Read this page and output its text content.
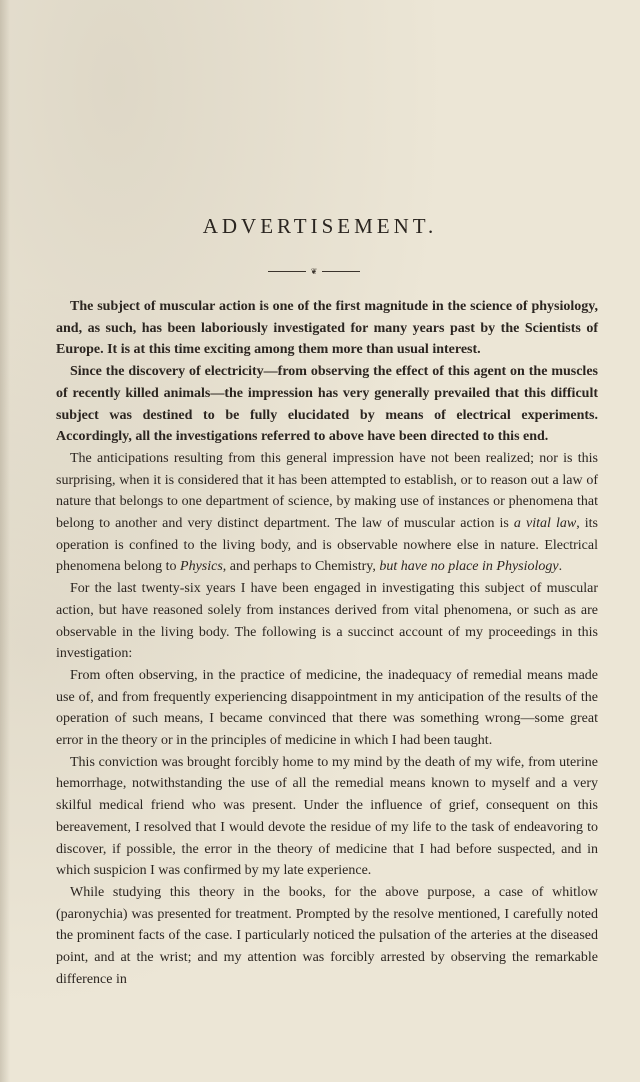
ADVERTISEMENT.
❦

The subject of muscular action is one of the first magnitude in the science of physiology, and, as such, has been laboriously investigated for many years past by the Scientists of Europe. It is at this time exciting among them more than usual interest.

Since the discovery of electricity—from observing the effect of this agent on the muscles of recently killed animals—the impression has very generally prevailed that this difficult subject was destined to be fully elucidated by means of electrical experiments. Accordingly, all the investigations referred to above have been directed to this end.

The anticipations resulting from this general impression have not been realized; nor is this surprising, when it is considered that it has been attempted to establish, or to reason out a law of nature that belongs to one department of science, by making use of instances or phenomena that belong to another and very distinct department. The law of muscular action is a vital law, its operation is confined to the living body, and is observable nowhere else in nature. Electrical phenomena belong to Physics, and perhaps to Chemistry, but have no place in Physiology.

For the last twenty-six years I have been engaged in investigating this subject of muscular action, but have reasoned solely from instances derived from vital phenomena, or such as are observable in the living body. The following is a succinct account of my proceedings in this investigation:

From often observing, in the practice of medicine, the inadequacy of remedial means made use of, and from frequently experiencing disappointment in my anticipation of the results of the operation of such means, I became convinced that there was something wrong—some great error in the theory or in the principles of medicine in which I had been taught.

This conviction was brought forcibly home to my mind by the death of my wife, from uterine hemorrhage, notwithstanding the use of all the remedial means known to myself and a very skilful medical friend who was present. Under the influence of grief, consequent on this bereavement, I resolved that I would devote the residue of my life to the task of endeavoring to discover, if possible, the error in the theory of medicine that I had before suspected, and in which suspicion I was confirmed by my late experience.

While studying this theory in the books, for the above purpose, a case of whitlow (paronychia) was presented for treatment. Prompted by the resolve mentioned, I carefully noted the prominent facts of the case. I particularly noticed the pulsation of the arteries at the diseased point, and at the wrist; and my attention was forcibly arrested by observing the remarkable difference in
